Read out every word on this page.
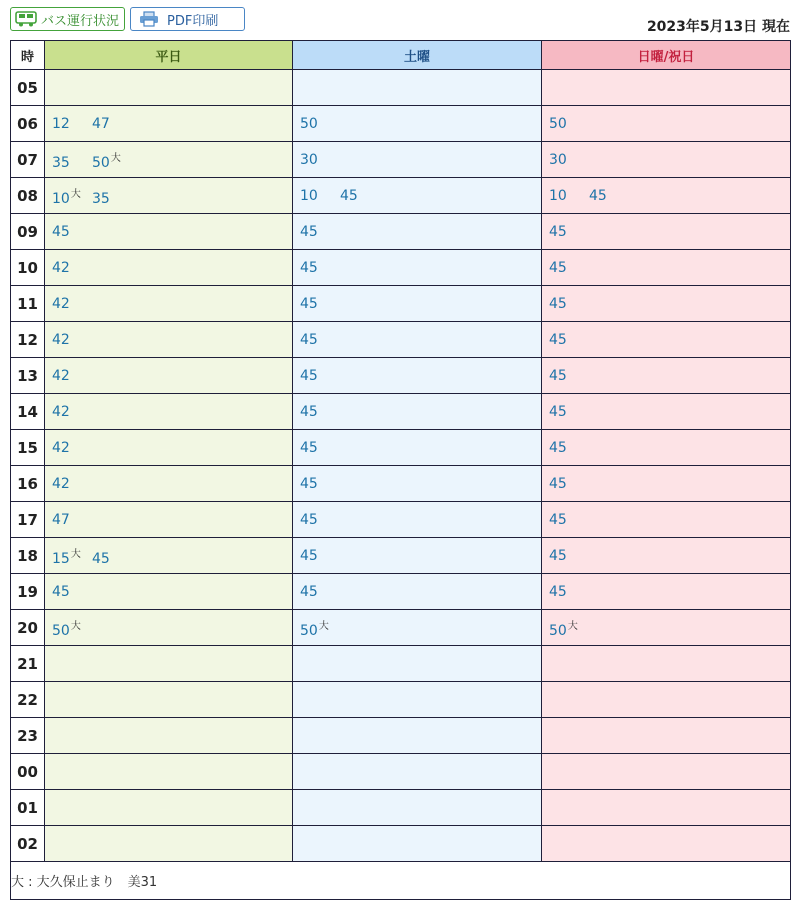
バス運行状況	PDF印刷	2023年5月13日 現在
時	平日	土曜	日曜/祝日
05	

06	12 47	50	50

07	35 $50^大$	30	30

08	$10^大$ 35	10 45	10 45

09	45	45	45

10	42	45	45

11	42	45	45

12	42	45	45

13	42	45	45

14	42	45	45

15	42	45	45

16	42	45	45

17	47	45	45

18	$15^大$ 45	45	45

19	45	45	45

20	$50^大$	$50^大$	$50^大$

21	

22	

23	

00	

01	

02	

大 : 大久保止まり　美31			
